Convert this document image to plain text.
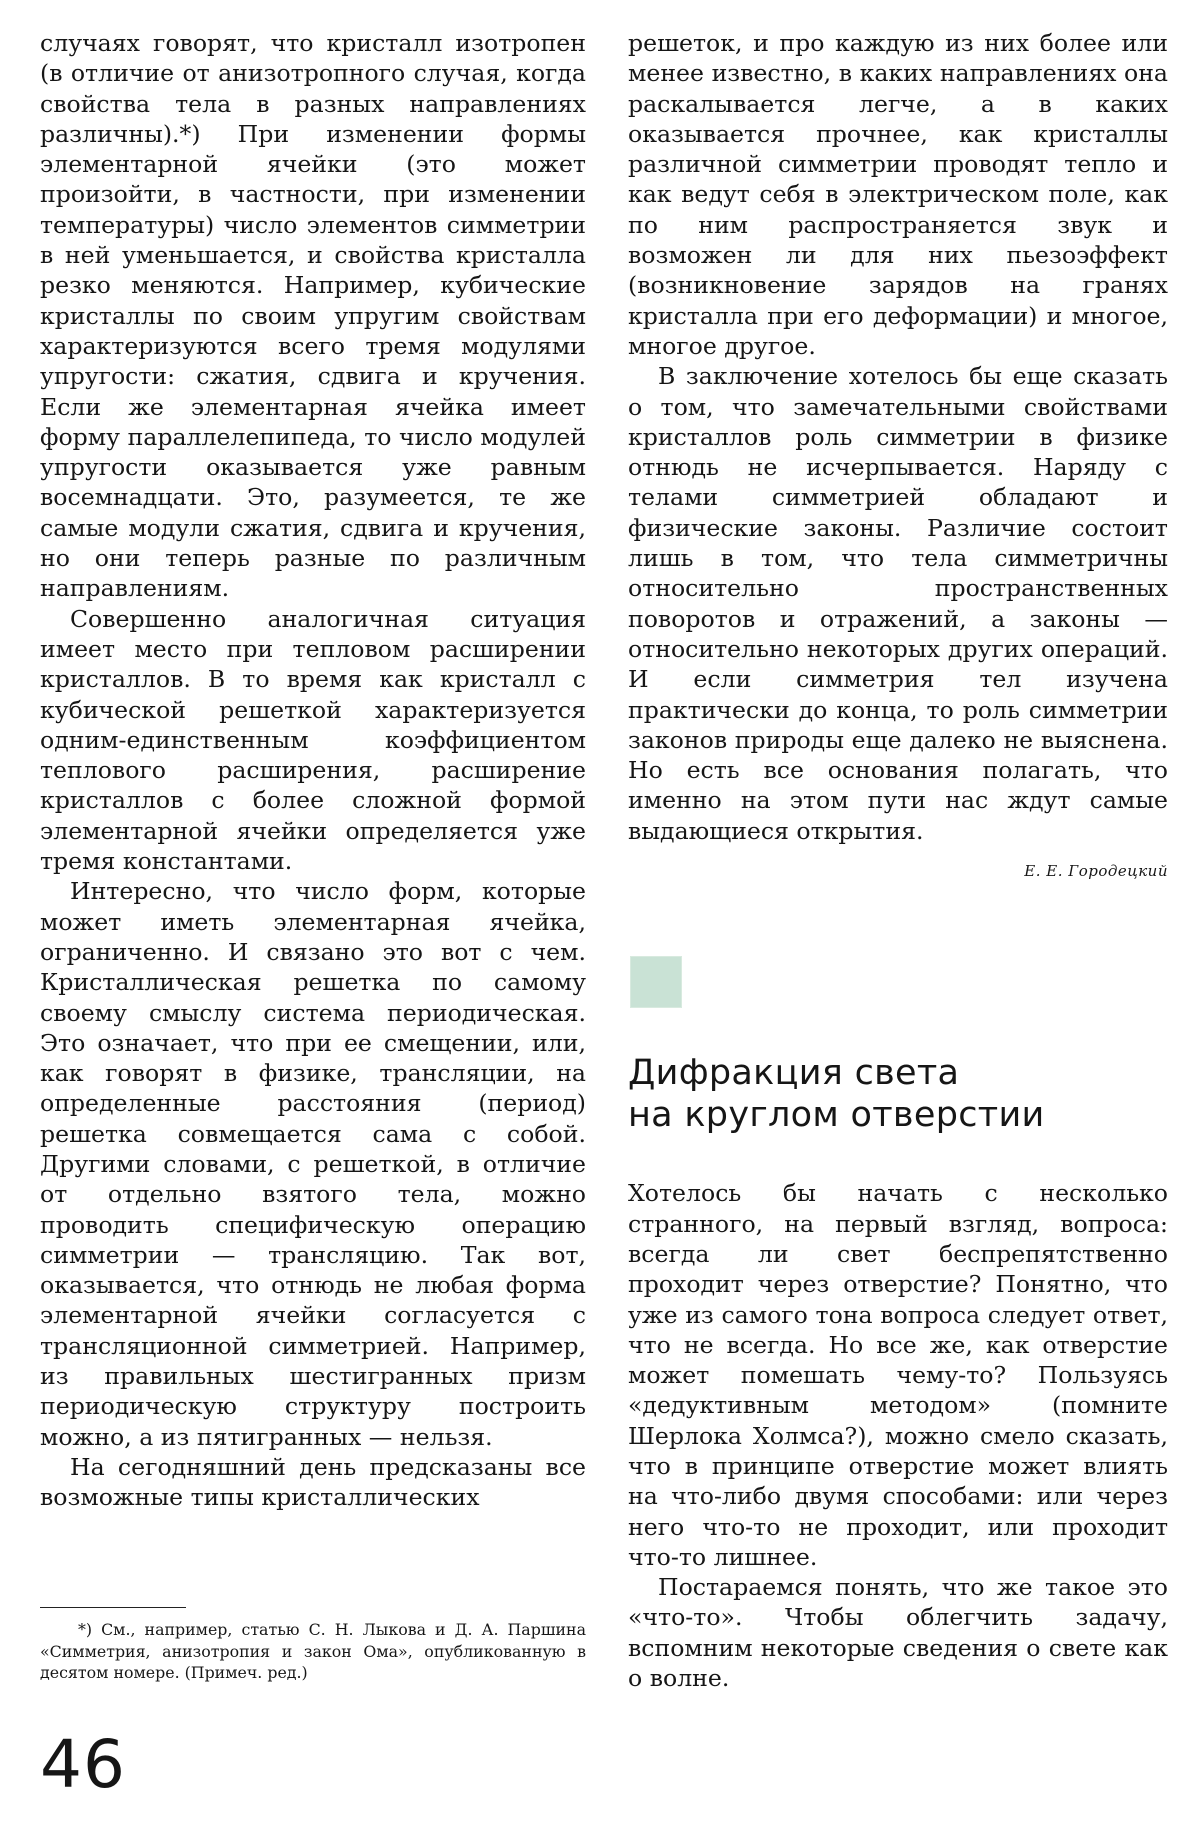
случаях говорят, что кристалл изотропен (в отличие от анизотропного случая, когда свойства тела в разных направлениях различны).*) При изменении формы элементарной ячейки (это может произойти, в частности, при изменении температуры) число элементов симметрии в ней уменьшается, и свойства кристалла резко меняются. Например, кубические кристаллы по своим упругим свойствам характеризуются всего тремя модулями упругости: сжатия, сдвига и кручения. Если же элементарная ячейка имеет форму параллелепипеда, то число модулей упругости оказывается уже равным восемнадцати. Это, разумеется, те же самые модули сжатия, сдвига и кручения, но они теперь разные по различным направлениям.

Совершенно аналогичная ситуация имеет место при тепловом расширении кристаллов. В то время как кристалл с кубической решеткой характеризуется одним-единственным коэффициентом теплового расширения, расширение кристаллов с более сложной формой элементарной ячейки определяется уже тремя константами.

Интересно, что число форм, которые может иметь элементарная ячейка, ограниченно. И связано это вот с чем. Кристаллическая решетка по самому своему смыслу система периодическая. Это означает, что при ее смещении, или, как говорят в физике, трансляции, на определенные расстояния (период) решетка совмещается сама с собой. Другими словами, с решеткой, в отличие от отдельно взятого тела, можно проводить специфическую операцию симметрии — трансляцию. Так вот, оказывается, что отнюдь не любая форма элементарной ячейки согласуется с трансляционной симметрией. Например, из правильных шестигранных призм периодическую структуру построить можно, а из пятигранных — нельзя.

На сегодняшний день предсказаны все возможные типы кристаллических

*) См., например, статью С. Н. Лыкова и Д. А. Паршина «Симметрия, анизотропия и закон Ома», опубликованную в десятом номере. (Примеч. ред.)

46

решеток, и про каждую из них более или менее известно, в каких направлениях она раскалывается легче, а в каких оказывается прочнее, как кристаллы различной симметрии проводят тепло и как ведут себя в электрическом поле, как по ним распространяется звук и возможен ли для них пьезоэффект (возникновение зарядов на гранях кристалла при его деформации) и многое, многое другое.

В заключение хотелось бы еще сказать о том, что замечательными свойствами кристаллов роль симметрии в физике отнюдь не исчерпывается. Наряду с телами симметрией обладают и физические законы. Различие состоит лишь в том, что тела симметричны относительно пространственных поворотов и отражений, а законы — относительно некоторых других операций. И если симметрия тел изучена практически до конца, то роль симметрии законов природы еще далеко не выяснена. Но есть все основания полагать, что именно на этом пути нас ждут самые выдающиеся открытия.

Е. Е. Городецкий
Дифракция света
на круглом отверстии

Хотелось бы начать с несколько странного, на первый взгляд, вопроса: всегда ли свет беспрепятственно проходит через отверстие? Понятно, что уже из самого тона вопроса следует ответ, что не всегда. Но все же, как отверстие может помешать чему-то? Пользуясь «дедуктивным методом» (помните Шерлока Холмса?), можно смело сказать, что в принципе отверстие может влиять на что-либо двумя способами: или через него что-то не проходит, или проходит что-то лишнее.

Постараемся понять, что же такое это «что-то». Чтобы облегчить задачу, вспомним некоторые сведения о свете как о волне.
